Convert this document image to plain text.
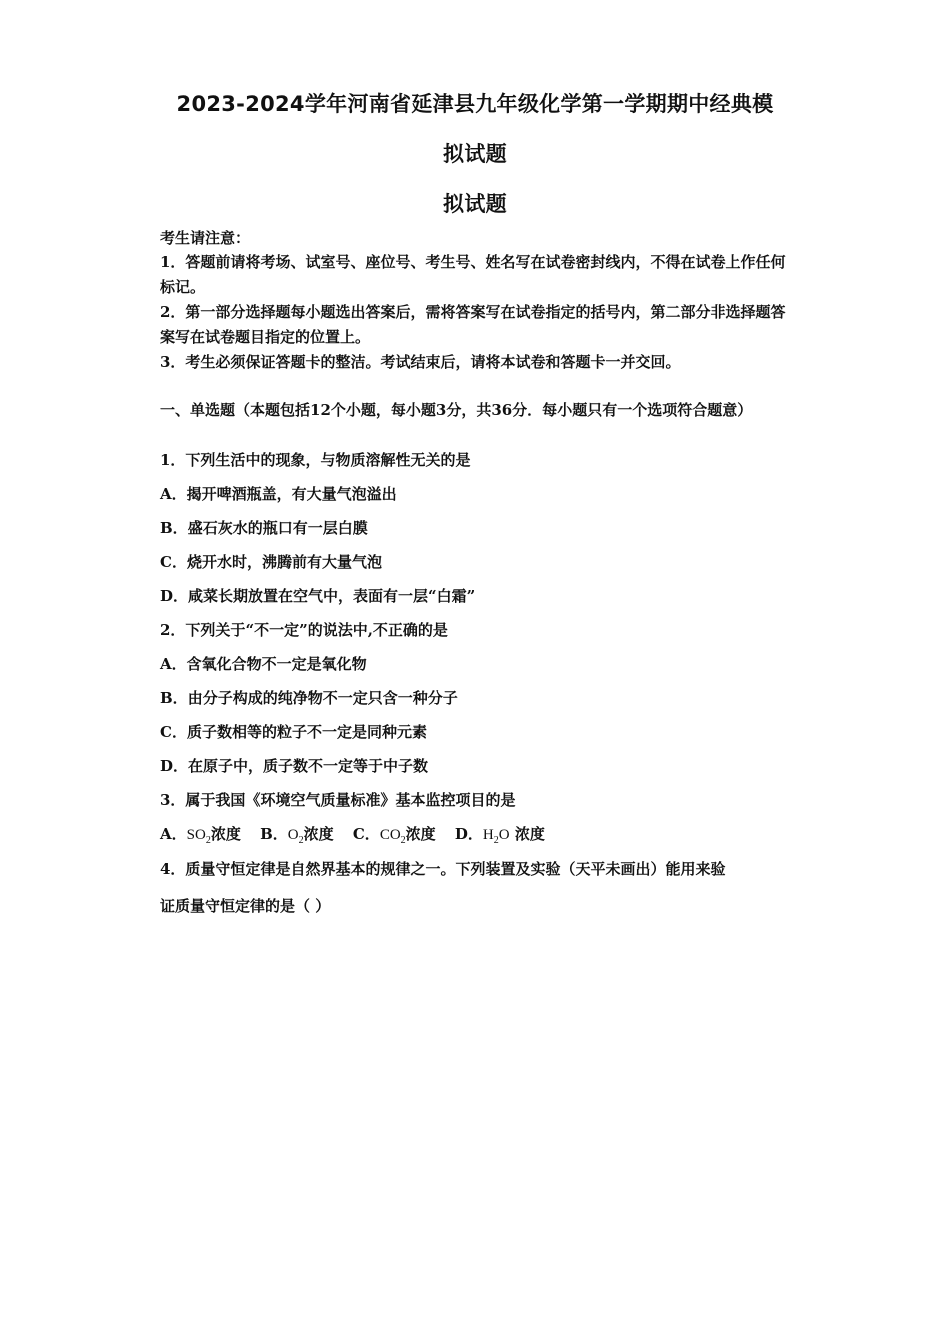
2023-2024学年河南省延津县九年级化学第一学期期中经典模
拟试题
拟试题
考生请注意：
1．答题前请将考场、试室号、座位号、考生号、姓名写在试卷密封线内，不得在试卷上作任何标记。
2．第一部分选择题每小题选出答案后，需将答案写在试卷指定的括号内，第二部分非选择题答案写在试卷题目指定的位置上。
3．考生必须保证答题卡的整洁。考试结束后，请将本试卷和答题卡一并交回。
一、单选题（本题包括12个小题，每小题3分，共36分．每小题只有一个选项符合题意）
1．下列生活中的现象，与物质溶解性无关的是
A．揭开啤酒瓶盖，有大量气泡溢出
B．盛石灰水的瓶口有一层白膜
C．烧开水时，沸腾前有大量气泡
D．咸菜长期放置在空气中，表面有一层“白霜”
2．下列关于“不一定”的说法中,不正确的是
A．含氧化合物不一定是氧化物
B．由分子构成的纯净物不一定只含一种分子
C．质子数相等的粒子不一定是同种元素
D．在原子中，质子数不一定等于中子数
3．属于我国《环境空气质量标准》基本监控项目的是
A．$SO_2$浓度 B．$O_2$浓度 C．$CO_2$浓度 D．$H_2O$ 浓度
4．质量守恒定律是自然界基本的规律之一。下列装置及实验（天平未画出）能用来验
证质量守恒定律的是（ ）
